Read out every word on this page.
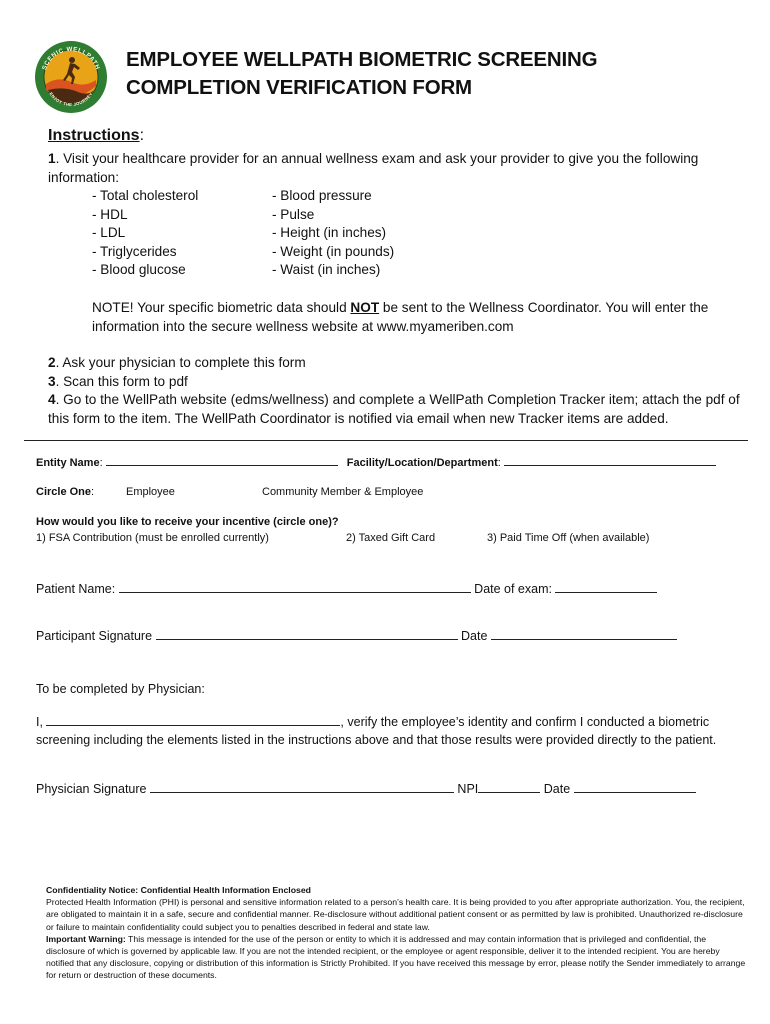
SCENIC WELLPATH
ENJOY THE JOURNEY
EMPLOYEE WELLPATH BIOMETRIC SCREENING
COMPLETION VERIFICATION FORM
Instructions:
1. Visit your healthcare provider for an annual wellness exam and ask your provider to give you the following information:
- Total cholesterol
- HDL
- LDL
- Triglycerides
- Blood glucose
- Blood pressure
- Pulse
- Height (in inches)
- Weight (in pounds)
- Waist (in inches)
NOTE! Your specific biometric data should NOT be sent to the Wellness Coordinator. You will enter the information into the secure wellness website at www.myameriben.com
2. Ask your physician to complete this form
3. Scan this form to pdf
4. Go to the WellPath website (edms/wellness) and complete a WellPath Completion Tracker item; attach the pdf of this form to the item. The WellPath Coordinator is notified via email when new Tracker items are added.
Entity Name:	Facility/Location/Department:
Circle One:	Employee	Community Member & Employee
How would you like to receive your incentive (circle one)?
1) FSA Contribution (must be enrolled currently)	2) Taxed Gift Card	3) Paid Time Off (when available)
Patient Name:	Date of exam:
Participant Signature	Date
To be completed by Physician:
I,	, verify the employee’s identity and confirm I conducted a biometric screening including the elements listed in the instructions above and that those results were provided directly to the patient.
Physician Signature	NPI	Date
Confidentiality Notice: Confidential Health Information Enclosed
Protected Health Information (PHI) is personal and sensitive information related to a person’s health care. It is being provided to you after appropriate authorization. You, the recipient, are obligated to maintain it in a safe, secure and confidential manner. Re-disclosure without additional patient consent or as permitted by law is prohibited. Unauthorized re-disclosure or failure to maintain confidentiality could subject you to penalties described in federal and state law.
Important Warning: This message is intended for the use of the person or entity to which it is addressed and may contain information that is privileged and confidential, the disclosure of which is governed by applicable law. If you are not the intended recipient, or the employee or agent responsible, deliver it to the intended recipient. You are hereby notified that any disclosure, copying or distribution of this information is Strictly Prohibited. If you have received this message by error, please notify the Sender immediately to arrange for return or destruction of these documents.
